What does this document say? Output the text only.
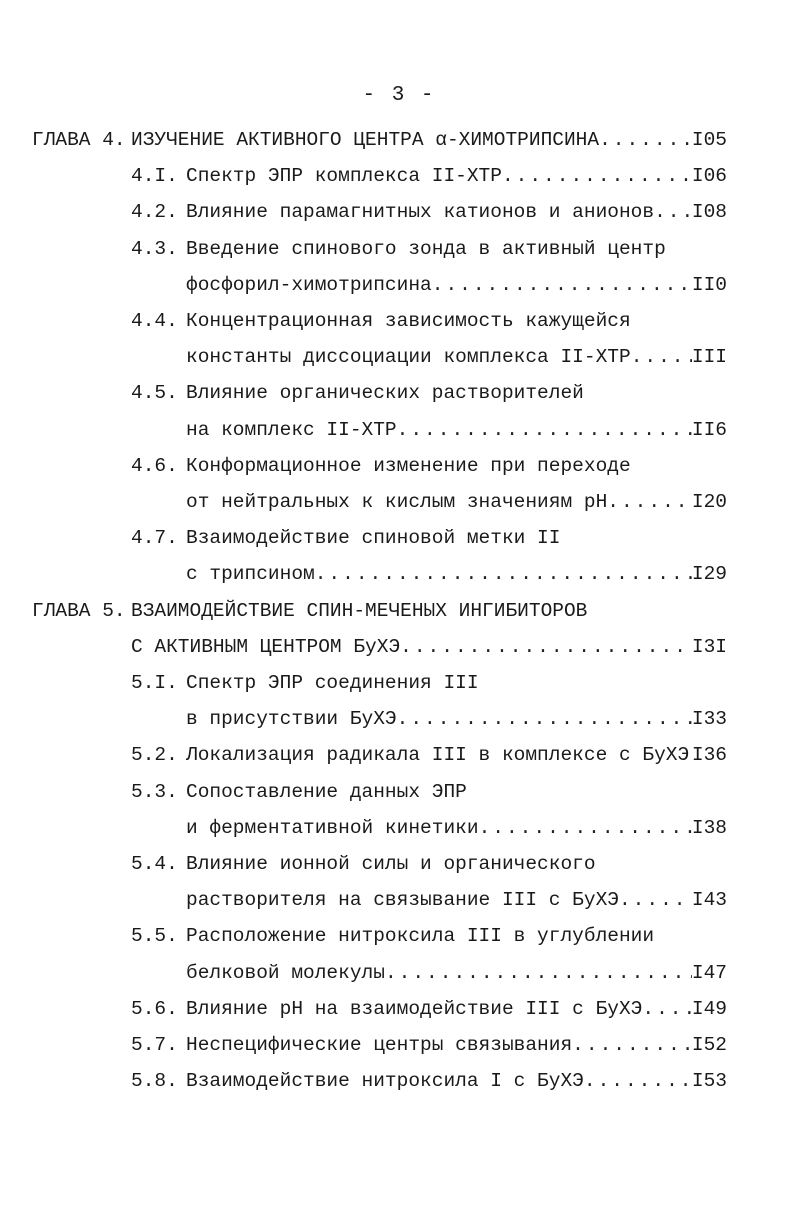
- 3 -
ГЛАВА 4. ИЗУЧЕНИЕ АКТИВНОГО ЦЕНТРА α-ХИМОТРИПСИНА .....	I05
4.I. Спектр ЭПР комплекса II-ХТР .....	I06
4.2. Влияние парамагнитных катионов и анионов ..... I08
4.3. Введение спинового зонда в активный центр
фосфорил-химотрипсина .....	II0
4.4. Концентрационная зависимость кажущейся
константы диссоциации комплекса II-ХТР .....	III
4.5. Влияние органических растворителей
на комплекс II-ХТР .....	II6
4.6. Конформационное изменение при переходе
от нейтральных к кислым значениям рН .....	I20
4.7. Взаимодействие спиновой метки II
с трипсином .....	I29
ГЛАВА 5. ВЗАИМОДЕЙСТВИЕ СПИН-МЕЧЕНЫХ ИНГИБИТОРОВ
С АКТИВНЫМ ЦЕНТРОМ БуХЭ .....	I3I
5.I. Спектр ЭПР соединения III
в присутствии БуХЭ .....	I33
5.2. Локализация радикала III в комплексе с БуХЭ ..... I36
5.3. Сопоставление данных ЭПР
и ферментативной кинетики .....	I38
5.4. Влияние ионной силы и органического
растворителя на связывание III с БуХЭ .....	I43
5.5. Расположение нитроксила III в углублении
белковой молекулы .....	I47
5.6. Влияние рН на взаимодействие III с БуХЭ .....	I49
5.7. Неспецифические центры связывания .....	I52
5.8. Взаимодействие нитроксила I с БуХЭ .....	I53
